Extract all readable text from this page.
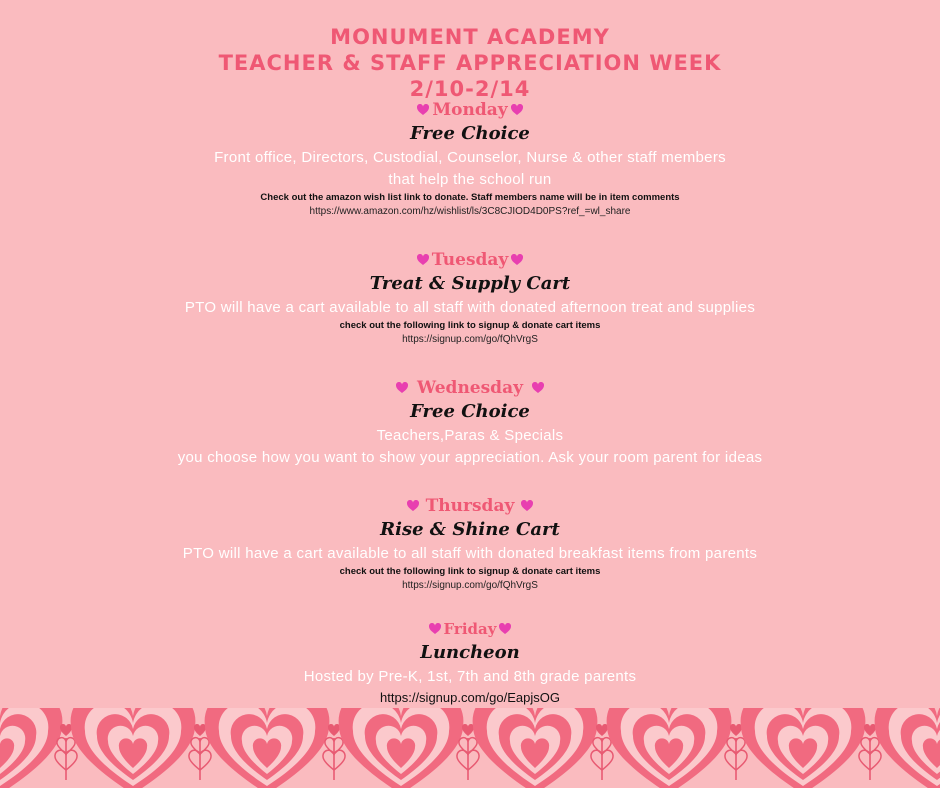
MONUMENT ACADEMY
TEACHER & STAFF APPRECIATION WEEK
2/10-2/14
Monday
Free Choice
Front office, Directors, Custodial, Counselor, Nurse & other staff members
that help the school run
Check out the amazon wish list link to donate. Staff members name will be in item comments
https://www.amazon.com/hz/wishlist/ls/3C8CJIOD4D0PS?ref_=wl_share
Tuesday
Treat & Supply Cart
PTO will have a cart available to all staff with donated afternoon treat and supplies
check out the following link to signup & donate cart items
https://signup.com/go/fQhVrgS
Wednesday
Free Choice
Teachers,Paras & Specials
you choose how you want to show your appreciation. Ask your room parent for ideas
Thursday
Rise & Shine Cart
PTO will have a cart available to all staff with donated breakfast items from parents
check out the following link to signup & donate cart items
https://signup.com/go/fQhVrgS
Friday
Luncheon
Hosted by Pre-K, 1st, 7th and 8th grade parents
https://signup.com/go/EapjsOG
